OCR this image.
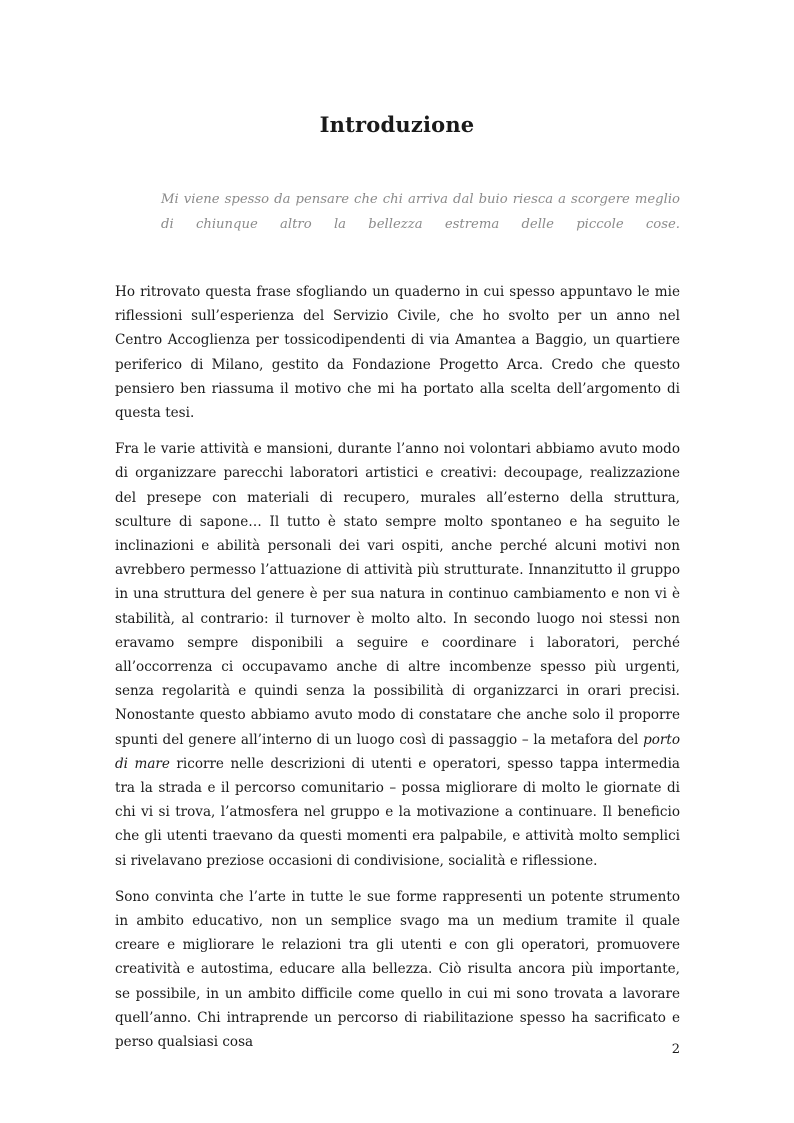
Introduzione

Mi viene spesso da pensare che chi arriva dal buio riesca a scorgere meglio di chiunque altro la bellezza estrema delle piccole cose.

Ho ritrovato questa frase sfogliando un quaderno in cui spesso appuntavo le mie riflessioni sull’esperienza del Servizio Civile, che ho svolto per un anno nel Centro Accoglienza per tossicodipendenti di via Amantea a Baggio, un quartiere periferico di Milano, gestito da Fondazione Progetto Arca. Credo che questo pensiero ben riassuma il motivo che mi ha portato alla scelta dell’argomento di questa tesi.

Fra le varie attività e mansioni, durante l’anno noi volontari abbiamo avuto modo di organizzare parecchi laboratori artistici e creativi: decoupage, realizzazione del presepe con materiali di recupero, murales all’esterno della struttura, sculture di sapone… Il tutto è stato sempre molto spontaneo e ha seguito le inclinazioni e abilità personali dei vari ospiti, anche perché alcuni motivi non avrebbero permesso l’attuazione di attività più strutturate. Innanzitutto il gruppo in una struttura del genere è per sua natura in continuo cambiamento e non vi è stabilità, al contrario: il turnover è molto alto. In secondo luogo noi stessi non eravamo sempre disponibili a seguire e coordinare i laboratori, perché all’occorrenza ci occupavamo anche di altre incombenze spesso più urgenti, senza regolarità e quindi senza la possibilità di organizzarci in orari precisi. Nonostante questo abbiamo avuto modo di constatare che anche solo il proporre spunti del genere all’interno di un luogo così di passaggio – la metafora del porto di mare ricorre nelle descrizioni di utenti e operatori, spesso tappa intermedia tra la strada e il percorso comunitario – possa migliorare di molto le giornate di chi vi si trova, l’atmosfera nel gruppo e la motivazione a continuare. Il beneficio che gli utenti traevano da questi momenti era palpabile, e attività molto semplici si rivelavano preziose occasioni di condivisione, socialità e riflessione.

Sono convinta che l’arte in tutte le sue forme rappresenti un potente strumento in ambito educativo, non un semplice svago ma un medium tramite il quale creare e migliorare le relazioni tra gli utenti e con gli operatori, promuovere creatività e autostima, educare alla bellezza. Ciò risulta ancora più importante, se possibile, in un ambito difficile come quello in cui mi sono trovata a lavorare quell’anno. Chi intraprende un percorso di riabilitazione spesso ha sacrificato e perso qualsiasi cosa	2
